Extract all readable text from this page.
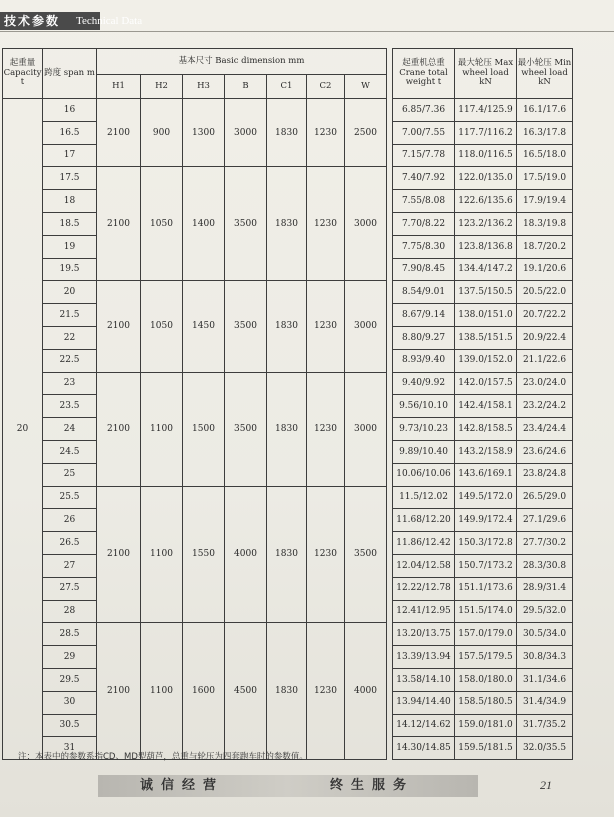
技术参数 Technical Data
起重量 Capacity t	跨度 span m	基本尺寸 Basic dimension mm								起重机总重 Crane total weight t	最大轮压 Max wheel load kN	最小轮压 Min wheel load kN
		H1	H2	H3	B	C1	C2	W				
20	16	2100	900	1300	3000	1830	1230	2500		6.85/7.36	117.4/125.9	16.1/17.6
	16.5									7.00/7.55	117.7/116.2	16.3/17.8
	17									7.15/7.78	118.0/116.5	16.5/18.0
	17.5	2100	1050	1400	3500	1830	1230	3000		7.40/7.92	122.0/135.0	17.5/19.0
	18									7.55/8.08	122.6/135.6	17.9/19.4
	18.5									7.70/8.22	123.2/136.2	18.3/19.8
	19									7.75/8.30	123.8/136.8	18.7/20.2
	19.5									7.90/8.45	134.4/147.2	19.1/20.6
	20	2100	1050	1450	3500	1830	1230	3000		8.54/9.01	137.5/150.5	20.5/22.0
	21.5									8.67/9.14	138.0/151.0	20.7/22.2
	22									8.80/9.27	138.5/151.5	20.9/22.4
	22.5									8.93/9.40	139.0/152.0	21.1/22.6
	23	2100	1100	1500	3500	1830	1230	3000		9.40/9.92	142.0/157.5	23.0/24.0
	23.5									9.56/10.10	142.4/158.1	23.2/24.2
	24									9.73/10.23	142.8/158.5	23.4/24.4
	24.5									9.89/10.40	143.2/158.9	23.6/24.6
	25									10.06/10.06	143.6/169.1	23.8/24.8
	25.5	2100	1100	1550	4000	1830	1230	3500		11.5/12.02	149.5/172.0	26.5/29.0
	26									11.68/12.20	149.9/172.4	27.1/29.6
	26.5									11.86/12.42	150.3/172.8	27.7/30.2
	27									12.04/12.58	150.7/173.2	28.3/30.8
	27.5									12.22/12.78	151.1/173.6	28.9/31.4
	28									12.41/12.95	151.5/174.0	29.5/32.0
	28.5	2100	1100	1600	4500	1830	1230	4000		13.20/13.75	157.0/179.0	30.5/34.0
	29									13.39/13.94	157.5/179.5	30.8/34.3
	29.5									13.58/14.10	158.0/180.0	31.1/34.6
	30									13.94/14.40	158.5/180.5	31.4/34.9
	30.5									14.12/14.62	159.0/181.0	31.7/35.2
	31									14.30/14.85	159.5/181.5	32.0/35.5
注：本表中的参数系指CD、MD型葫芦，总重与轮压为四套跑车时的参数值。
诚信经营	终生服务	21
